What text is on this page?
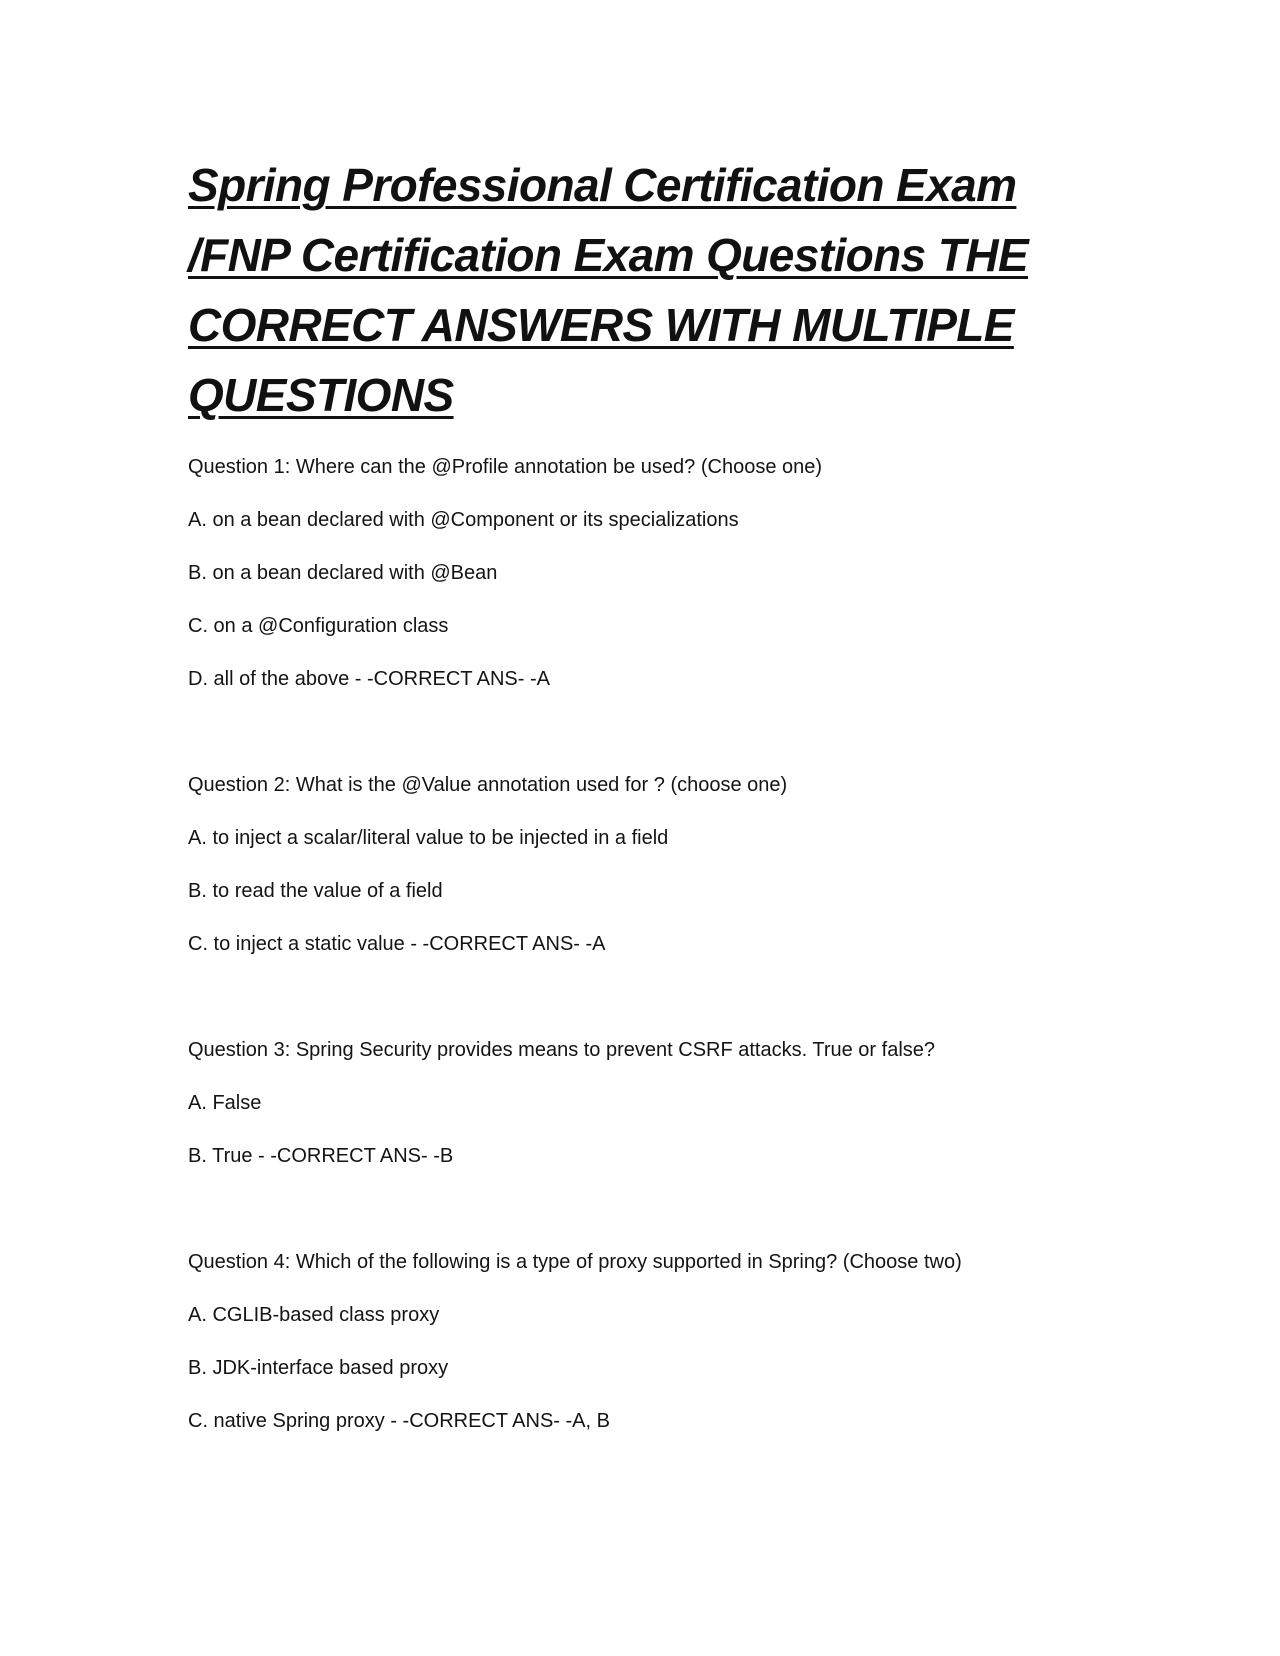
Spring Professional Certification Exam
/FNP Certification Exam Questions THE
CORRECT ANSWERS WITH MULTIPLE
QUESTIONS
Question 1: Where can the @Profile annotation be used? (Choose one)
A. on a bean declared with @Component or its specializations
B. on a bean declared with @Bean
C. on a @Configuration class
D. all of the above - -CORRECT ANS- -A
Question 2: What is the @Value annotation used for ? (choose one)
A. to inject a scalar/literal value to be injected in a field
B. to read the value of a field
C. to inject a static value - -CORRECT ANS- -A
Question 3: Spring Security provides means to prevent CSRF attacks. True or false?
A. False
B. True - -CORRECT ANS- -B
Question 4: Which of the following is a type of proxy supported in Spring? (Choose two)
A. CGLIB-based class proxy
B. JDK-interface based proxy
C. native Spring proxy - -CORRECT ANS- -A, B
